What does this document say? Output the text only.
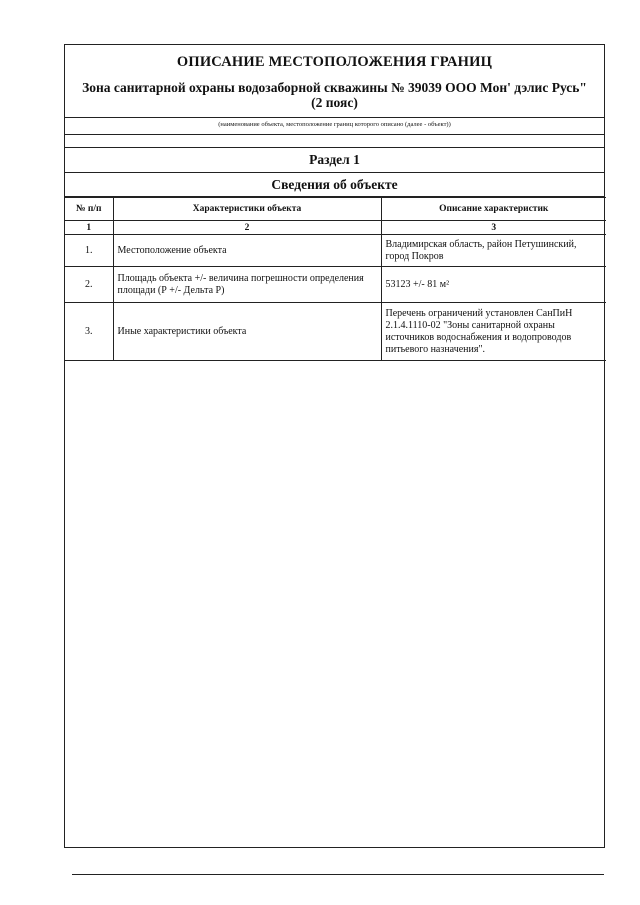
ОПИСАНИЕ МЕСТОПОЛОЖЕНИЯ ГРАНИЦ
Зона санитарной охраны водозаборной скважины № 39039 ООО Мон' дэлис Русь" (2 пояс)
(наименование объекта, местоположение границ которого описано (далее - объект))
Раздел 1
Сведения об объекте
№ п/п	Характеристики объекта	Описание характеристик
1	2	3
1.	Местоположение объекта	Владимирская область, район Петушинский, город Покров
2.	Площадь объекта +/- величина погрешности определения площади (Р +/- Дельта Р)	53123 +/- 81 м²
3.	Иные характеристики объекта	Перечень ограничений установлен СанПиН 2.1.4.1110-02 "Зоны санитарной охраны источников водоснабжения и водопроводов питьевого назначения".
